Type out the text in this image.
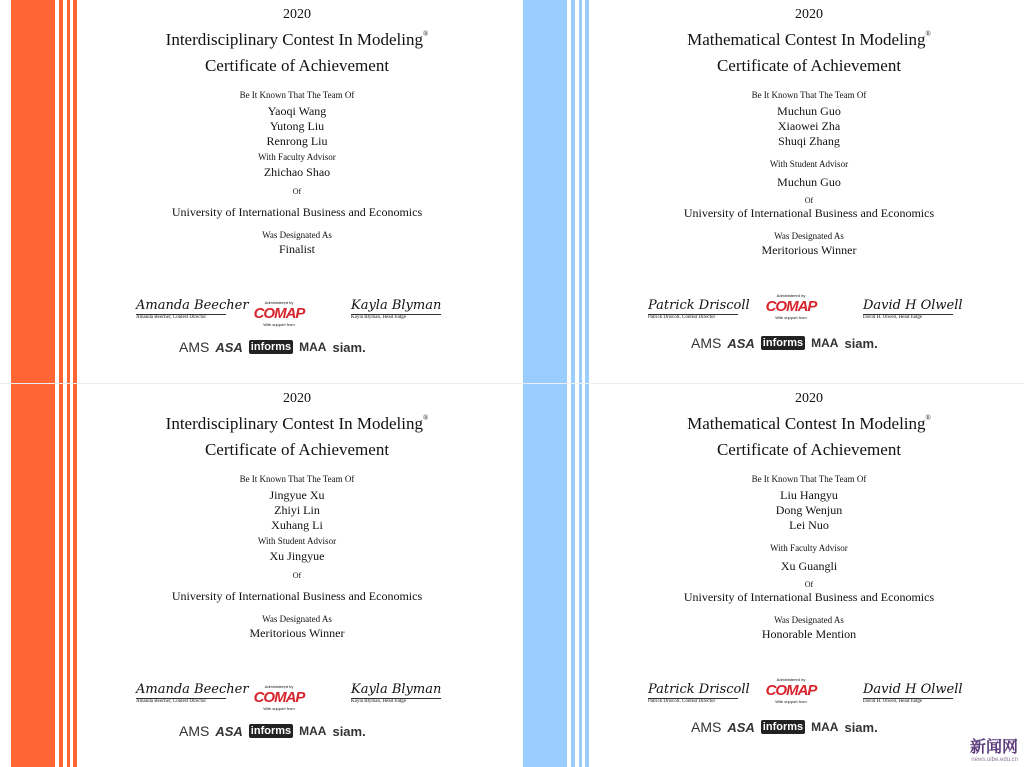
2020
Interdisciplinary Contest In Modeling®
Certificate of Achievement
Be It Known That The Team Of
Yaoqi Wang
Yutong Liu
Renrong Liu
With Faculty Advisor
Zhichao Shao
Of
University of International Business and Economics
Was Designated As
Finalist
Amanda Beecher
Amanda Beecher, Contest Director
Administered by
COMAP
With support from
Kayla Blyman
Kayla Blyman, Head Judge
AMS ASA informs MAA siam.
2020
Mathematical Contest In Modeling®
Certificate of Achievement
Be It Known That The Team Of
Muchun Guo
Xiaowei Zha
Shuqi Zhang
With Student Advisor
Muchun Guo
Of
University of International Business and Economics
Was Designated As
Meritorious Winner
Patrick Driscoll
Patrick Driscoll, Contest Director
Administered by
COMAP
With support from
David H Olwell
David H. Olwell, Head Judge
AMS ASA informs MAA siam.
2020
Interdisciplinary Contest In Modeling®
Certificate of Achievement
Be It Known That The Team Of
Jingyue Xu
Zhiyi Lin
Xuhang Li
With Student Advisor
Xu Jingyue
Of
University of International Business and Economics
Was Designated As
Meritorious Winner
Amanda Beecher
Amanda Beecher, Contest Director
Administered by
COMAP
With support from
Kayla Blyman
Kayla Blyman, Head Judge
AMS ASA informs MAA siam.
2020
Mathematical Contest In Modeling®
Certificate of Achievement
Be It Known That The Team Of
Liu Hangyu
Dong Wenjun
Lei Nuo
With Faculty Advisor
Xu Guangli
Of
University of International Business and Economics
Was Designated As
Honorable Mention
Patrick Driscoll
Patrick Driscoll, Contest Director
Administered by
COMAP
With support from
David H Olwell
David H. Olwell, Head Judge
AMS ASA informs MAA siam.
新闻网
news.uibe.edu.cn
